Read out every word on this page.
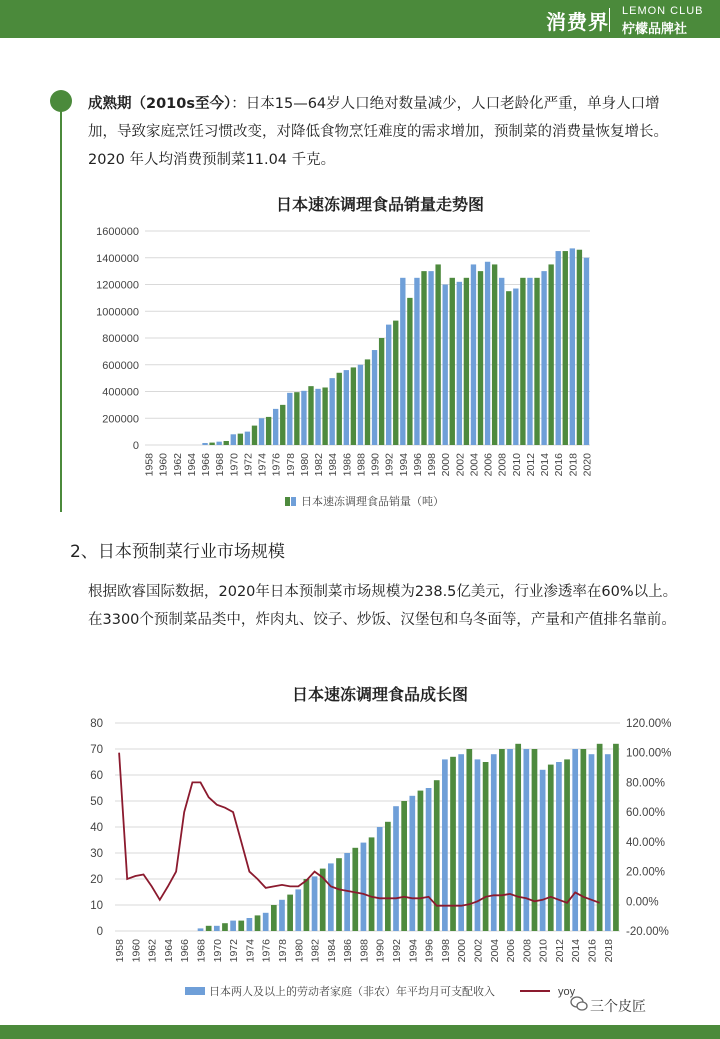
消费界 LEMON CLUB
柠檬品牌社
成熟期（2010s至今）：日本15—64岁人口绝对数量减少，人口老龄化严重，单身人口增加，导致家庭烹饪习惯改变，对降低食物烹饪难度的需求增加，预制菜的消费量恢复增长。2020 年人均消费预制菜11.04 千克。
日本速冻调理食品销量走势图
0
200000
400000
600000
800000
1000000
1200000
1400000
1600000
1958 1960 1962 1964 1966 1968 1970 1972 1974 1976 1978 1980 1982 1984 1986 1988 1990 1992 1994 1996 1998 2000 2002 2004 2006 2008 2010 2012 2014 2016 2018 2020
日本速冻调理食品销量（吨）
2、日本预制菜行业市场规模
根据欧睿国际数据，2020年日本预制菜市场规模为238.5亿美元，行业渗透率在60%以上。在3300个预制菜品类中，炸肉丸、饺子、炒饭、汉堡包和乌冬面等，产量和产值排名靠前。
日本速冻调理食品成长图
0
10
20
30
40
50
60
70
80
-20.00%
0.00%
20.00%
40.00%
60.00%
80.00%
100.00%
120.00%
1958 1960 1962 1964 1966 1968 1970 1972 1974 1976 1978 1980 1982 1984 1986 1988 1990 1992 1994 1996 1998 2000 2002 2004 2006 2008 2010 2012 2014 2016 2018
日本两人及以上的劳动者家庭（非农）年平均月可支配收入	yoy
三个皮匠
